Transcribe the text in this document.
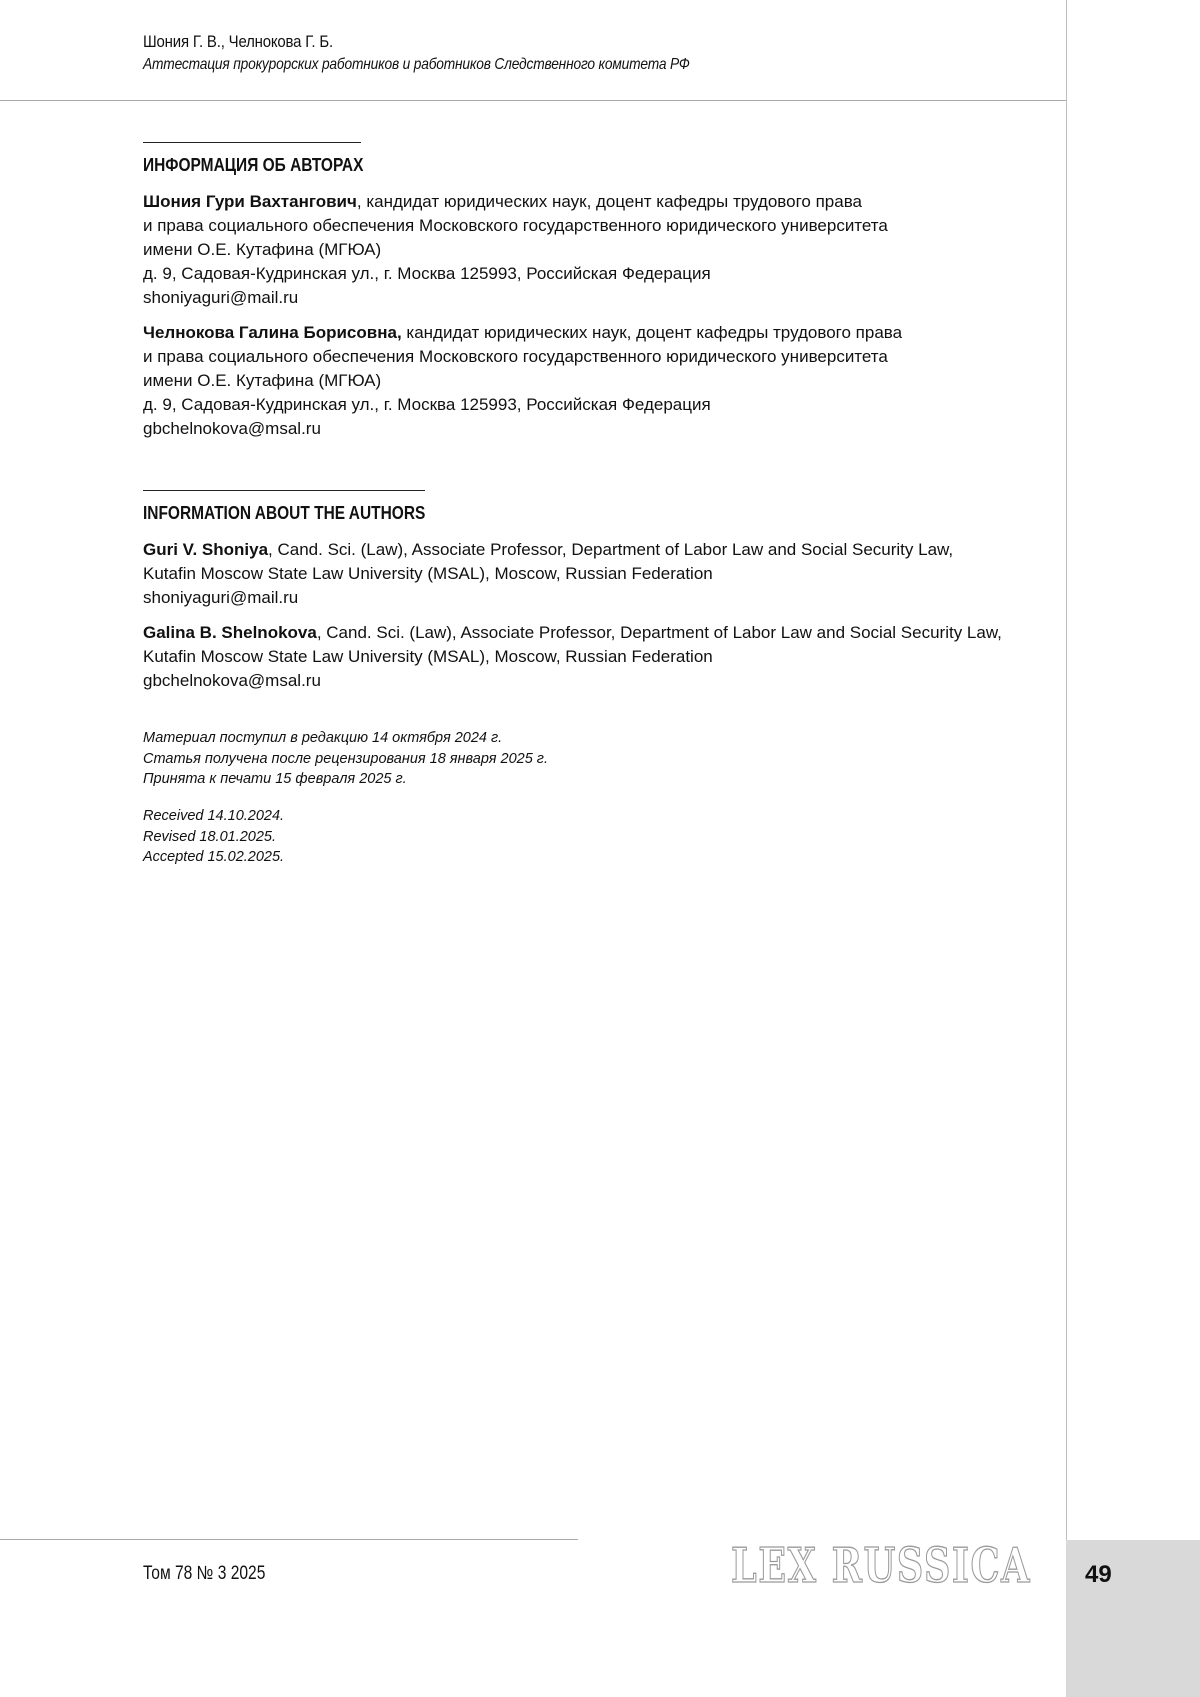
Шония Г. В., Челнокова Г. Б.
Аттестация прокурорских работников и работников Следственного комитета РФ
ИНФОРМАЦИЯ ОБ АВТОРАХ
Шония Гури Вахтангович, кандидат юридических наук, доцент кафедры трудового права
и права социального обеспечения Московского государственного юридического университета
имени О.Е. Кутафина (МГЮА)
д. 9, Садовая-Кудринская ул., г. Москва 125993, Российская Федерация
shoniyaguri@mail.ru
Челнокова Галина Борисовна, кандидат юридических наук, доцент кафедры трудового права
и права социального обеспечения Московского государственного юридического университета
имени О.Е. Кутафина (МГЮА)
д. 9, Садовая-Кудринская ул., г. Москва 125993, Российская Федерация
gbchelnokova@msal.ru
INFORMATION ABOUT THE AUTHORS
Guri V. Shoniya, Cand. Sci. (Law), Associate Professor, Department of Labor Law and Social Security Law,
Kutafin Moscow State Law University (MSAL), Moscow, Russian Federation
shoniyaguri@mail.ru
Galina B. Shelnokova, Cand. Sci. (Law), Associate Professor, Department of Labor Law and Social Security Law,
Kutafin Moscow State Law University (MSAL), Moscow, Russian Federation
gbchelnokova@msal.ru
Материал поступил в редакцию 14 октября 2024 г.
Статья получена после рецензирования 18 января 2025 г.
Принята к печати 15 февраля 2025 г.
Received 14.10.2024.
Revised 18.01.2025.
Accepted 15.02.2025.
Том 78 № 3 2025	LEX RUSSICA 49
